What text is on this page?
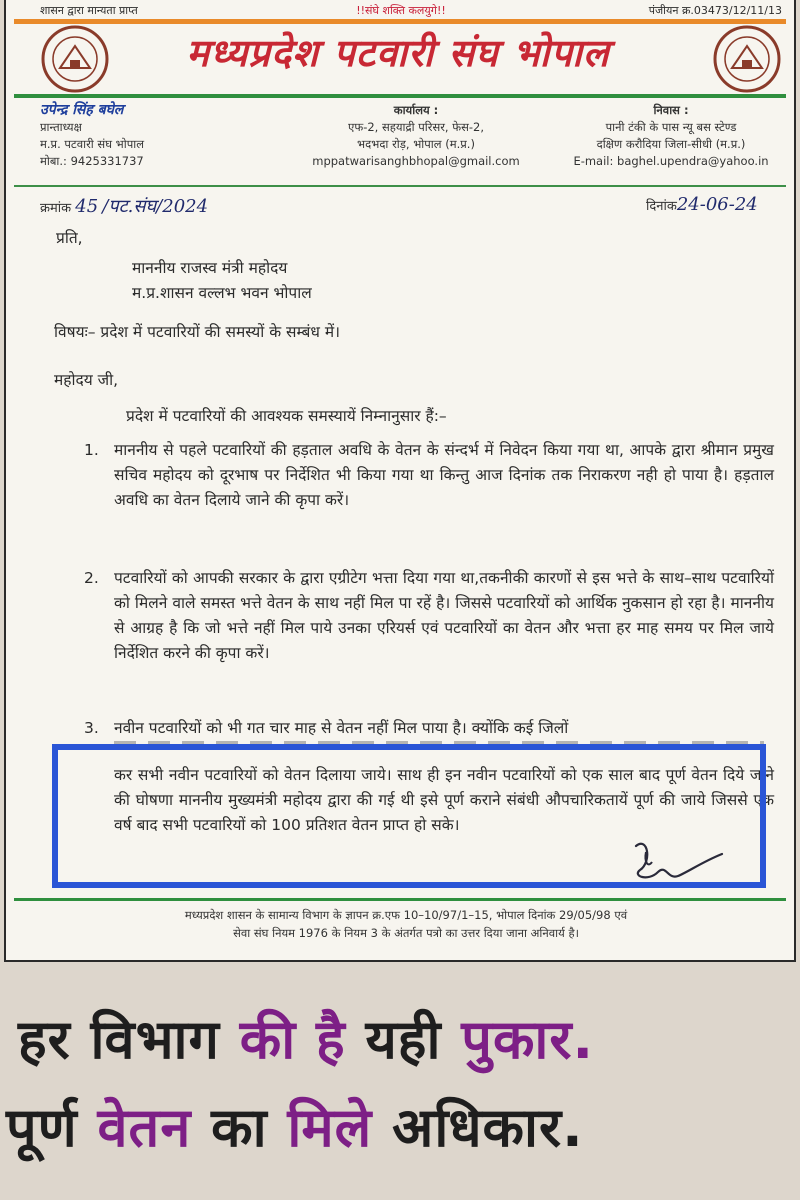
शासन द्वारा मान्यता प्राप्त	!!संघे शक्ति कलयुगे!!	पंजीयन क्र.03473/12/11/13
मध्यप्रदेश पटवारी संघ भोपाल
उपेन्द्र सिंह बघेल
प्रान्ताध्यक्ष
म.प्र. पटवारी संघ भोपाल
मोबा.: 9425331737
कार्यालय :
एफ-2, सहयाद्री परिसर, फेस-2,
भदभदा रोड़, भोपाल (म.प्र.)
mppatwarisanghbhopal@gmail.com
निवास :
पानी टंकी के पास न्यू बस स्टेण्ड
दक्षिण करौदिया जिला-सीधी (म.प्र.)
E-mail: baghel.upendra@yahoo.in
क्रमांक 45 /पट.संघ/2024	दिनांक24-06-24
प्रति,
माननीय राजस्व मंत्री महोदय
म.प्र.शासन वल्लभ भवन भोपाल
विषयः– प्रदेश में पटवारियों की समस्यों के सम्बंध में।
महोदय जी,
प्रदेश में पटवारियों की आवश्यक समस्यायें निम्नानुसार हैं:–
1. माननीय से पहले पटवारियों की हड़ताल अवधि के वेतन के संन्दर्भ में निवेदन किया गया था, आपके द्वारा श्रीमान प्रमुख सचिव महोदय को दूरभाष पर निर्देशित भी किया गया था किन्तु आज दिनांक तक निराकरण नही हो पाया है। हड़ताल अवधि का वेतन दिलाये जाने की कृपा करें।
2. पटवारियों को आपकी सरकार के द्वारा एग्रीटेग भत्ता दिया गया था,तकनीकी कारणों से इस भत्ते के साथ–साथ पटवारियों को मिलने वाले समस्त भत्ते वेतन के साथ नहीं मिल पा रहें है। जिससे पटवारियों को आर्थिक नुकसान हो रहा है। माननीय से आग्रह है कि जो भत्ते नहीं मिल पाये उनका एरियर्स एवं पटवारियों का वेतन और भत्ता हर माह समय पर मिल जाये निर्देशित करने की कृपा करें।
3. नवीन पटवारियों को भी गत चार माह से वेतन नहीं मिल पाया है। क्योंकि कई जिलों
कर सभी नवीन पटवारियों को वेतन दिलाया जाये। साथ ही इन नवीन पटवारियों को एक साल बाद पूर्ण वेतन दिये जाने की घोषणा माननीय मुख्यमंत्री महोदय द्वारा की गई थी इसे पूर्ण कराने संबंधी औपचारिकतायें पूर्ण की जाये जिससे एक वर्ष बाद सभी पटवारियों को 100 प्रतिशत वेतन प्राप्त हो सके।
मध्यप्रदेश शासन के सामान्य विभाग के ज्ञापन क्र.एफ 10–10/97/1–15, भोपाल दिनांक 29/05/98 एवं
सेवा संघ नियम 1976 के नियम 3 के अंतर्गत पत्रो का उत्तर दिया जाना अनिवार्य है।
हर विभाग की है यही पुकार.
पूर्ण वेतन का मिले अधिकार.
